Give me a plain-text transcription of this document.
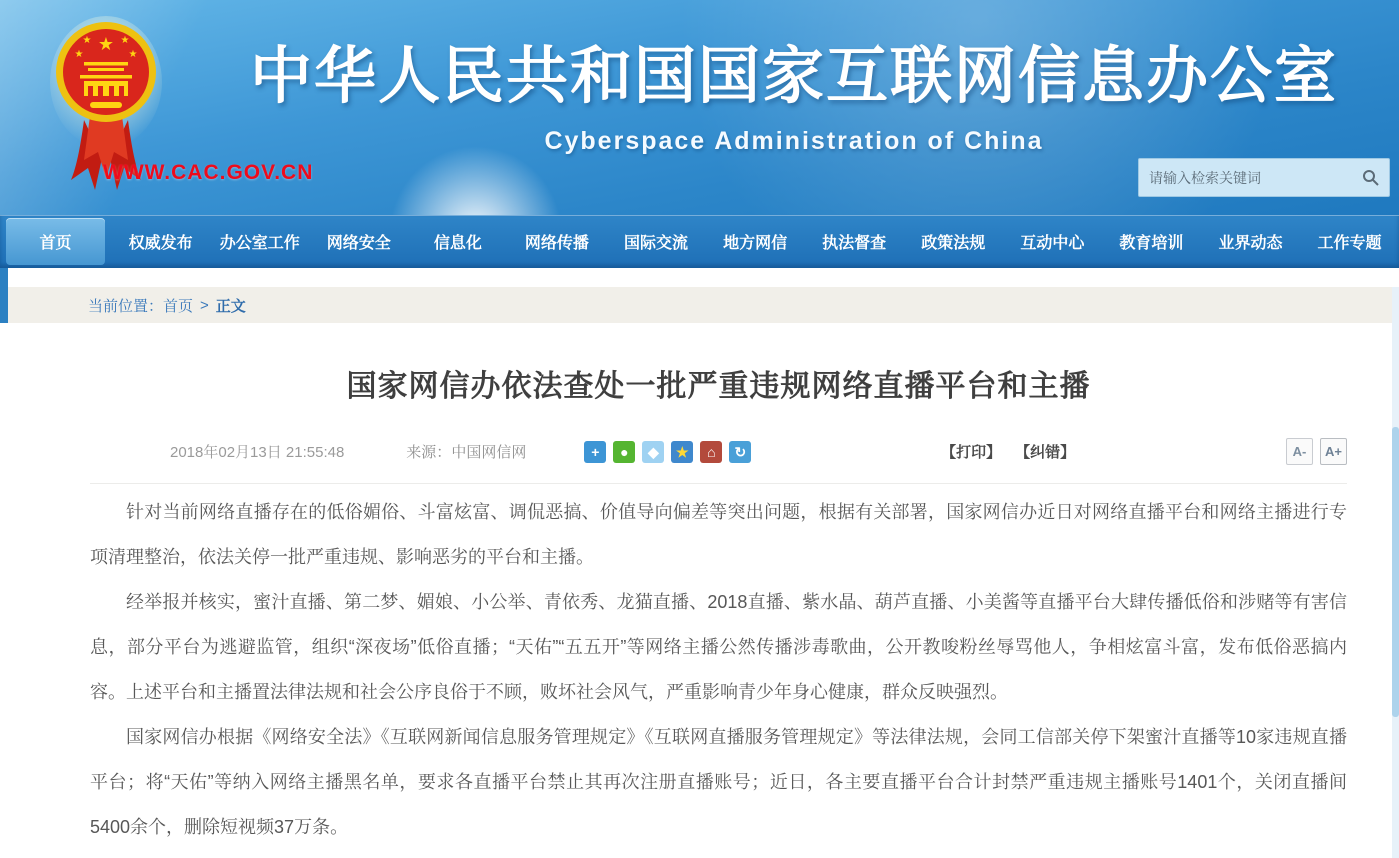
★
★	★
★	★	中华人民共和国国家互联网信息办公室
Cyberspace Administration of China
WWW.CAC.GOV.CN
请输入检索关键词
首页	权威发布 办公室工作 网络安全	信息化	网络传播 国际交流 地方网信 执法督查 政策法规 互动中心 教育培训 业界动态 工作专题
当前位置： 首页 > 正文
国家网信办依法查处一批严重违规网络直播平台和主播
2018年02月13日 21:55:48	来源：中国网信网	+	●	◆	★	⌂	↻	【打印】 【纠错】	A-	A+

针对当前网络直播存在的低俗媚俗、斗富炫富、调侃恶搞、价值导向偏差等突出问题，根据有关部署，国家网信办近日对网络直播平台和网络主播进行专项清理整治，依法关停一批严重违规、影响恶劣的平台和主播。

经举报并核实，蜜汁直播、第二梦、媚娘、小公举、青依秀、龙猫直播、2018直播、紫水晶、葫芦直播、小美酱等直播平台大肆传播低俗和涉赌等有害信息，部分平台为逃避监管，组织“深夜场”低俗直播；“天佑”“五五开”等网络主播公然传播涉毒歌曲，公开教唆粉丝辱骂他人，争相炫富斗富，发布低俗恶搞内容。上述平台和主播置法律法规和社会公序良俗于不顾，败坏社会风气，严重影响青少年身心健康，群众反映强烈。

国家网信办根据《网络安全法》《互联网新闻信息服务管理规定》《互联网直播服务管理规定》等法律法规，会同工信部关停下架蜜汁直播等10家违规直播平台；将“天佑”等纳入网络主播黑名单，要求各直播平台禁止其再次注册直播账号；近日，各主要直播平台合计封禁严重违规主播账号1401个，关闭直播间5400余个，删除短视频37万条。
